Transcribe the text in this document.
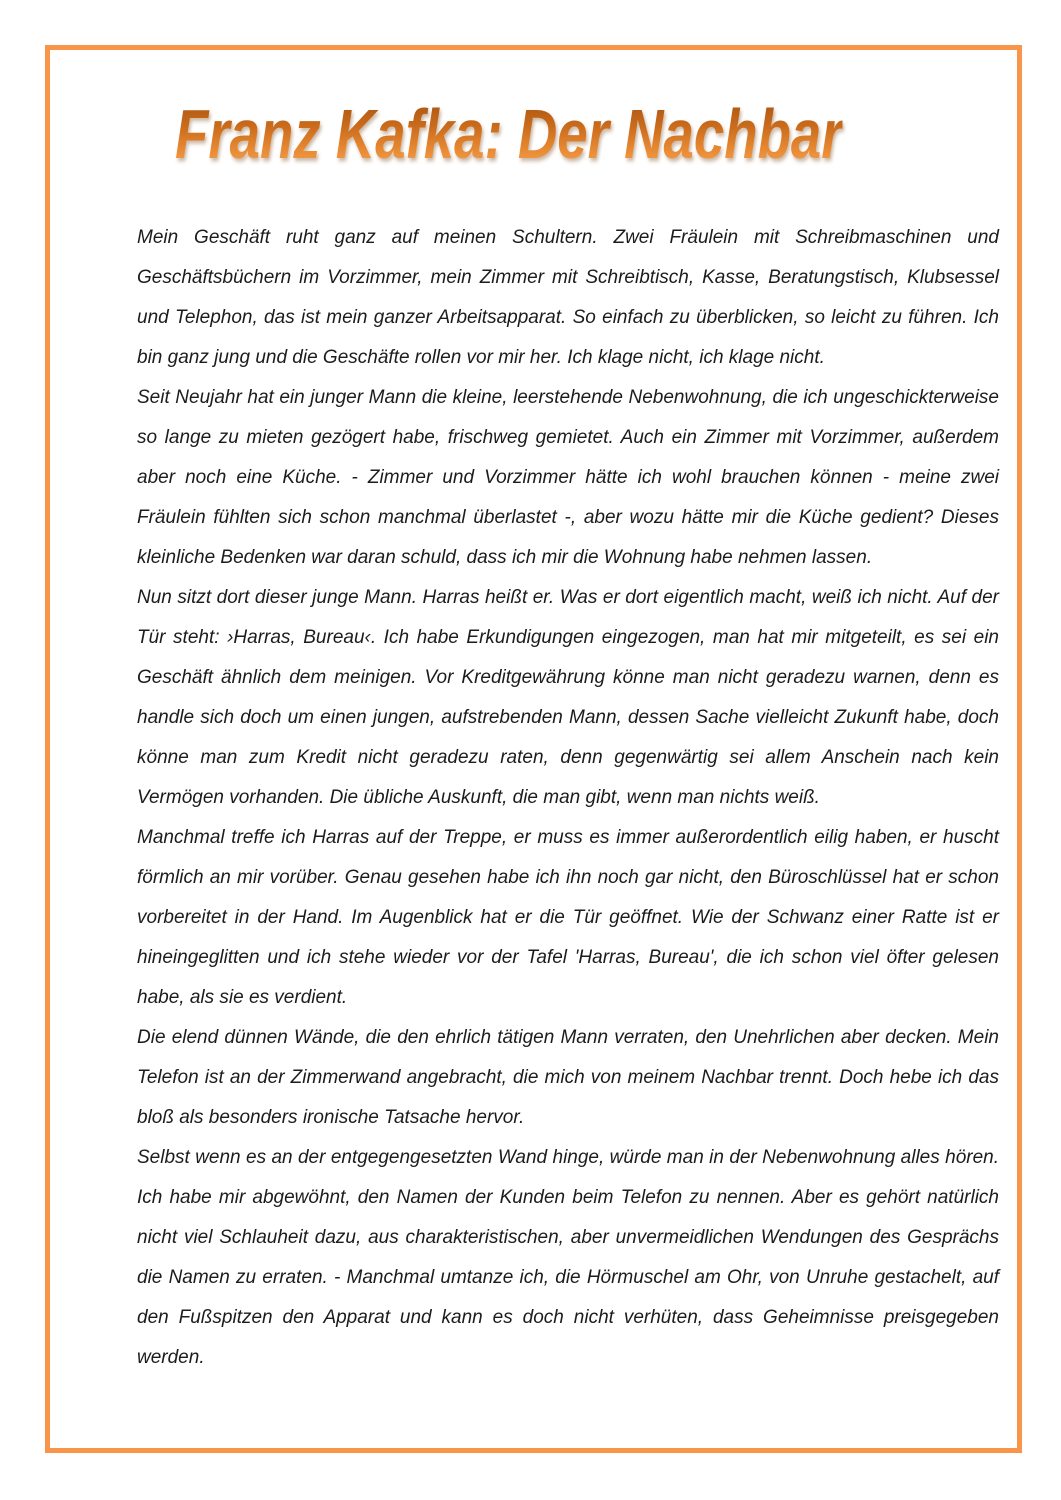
Franz Kafka: Der Nachbar

Mein Geschäft ruht ganz auf meinen Schultern. Zwei Fräulein mit Schreibmaschinen und Geschäftsbüchern im Vorzimmer, mein Zimmer mit Schreibtisch, Kasse, Beratungstisch, Klubsessel und Telephon, das ist mein ganzer Arbeitsapparat. So einfach zu überblicken, so leicht zu führen. Ich bin ganz jung und die Geschäfte rollen vor mir her. Ich klage nicht, ich klage nicht.

Seit Neujahr hat ein junger Mann die kleine, leerstehende Nebenwohnung, die ich ungeschickterweise so lange zu mieten gezögert habe, frischweg gemietet. Auch ein Zimmer mit Vorzimmer, außerdem aber noch eine Küche. - Zimmer und Vorzimmer hätte ich wohl brauchen können - meine zwei Fräulein fühlten sich schon manchmal überlastet -, aber wozu hätte mir die Küche gedient? Dieses kleinliche Bedenken war daran schuld, dass ich mir die Wohnung habe nehmen lassen.

Nun sitzt dort dieser junge Mann. Harras heißt er. Was er dort eigentlich macht, weiß ich nicht. Auf der Tür steht: ›Harras, Bureau‹. Ich habe Erkundigungen eingezogen, man hat mir mitgeteilt, es sei ein Geschäft ähnlich dem meinigen. Vor Kreditgewährung könne man nicht geradezu warnen, denn es handle sich doch um einen jungen, aufstrebenden Mann, dessen Sache vielleicht Zukunft habe, doch könne man zum Kredit nicht geradezu raten, denn gegenwärtig sei allem Anschein nach kein Vermögen vorhanden. Die übliche Auskunft, die man gibt, wenn man nichts weiß.

Manchmal treffe ich Harras auf der Treppe, er muss es immer außerordentlich eilig haben, er huscht förmlich an mir vorüber. Genau gesehen habe ich ihn noch gar nicht, den Büroschlüssel hat er schon vorbereitet in der Hand. Im Augenblick hat er die Tür geöffnet. Wie der Schwanz einer Ratte ist er hineingeglitten und ich stehe wieder vor der Tafel 'Harras, Bureau', die ich schon viel öfter gelesen habe, als sie es verdient.

Die elend dünnen Wände, die den ehrlich tätigen Mann verraten, den Unehrlichen aber decken. Mein Telefon ist an der Zimmerwand angebracht, die mich von meinem Nachbar trennt. Doch hebe ich das bloß als besonders ironische Tatsache hervor.

Selbst wenn es an der entgegengesetzten Wand hinge, würde man in der Nebenwohnung alles hören. Ich habe mir abgewöhnt, den Namen der Kunden beim Telefon zu nennen. Aber es gehört natürlich nicht viel Schlauheit dazu, aus charakteristischen, aber unvermeidlichen Wendungen des Gesprächs die Namen zu erraten. - Manchmal umtanze ich, die Hörmuschel am Ohr, von Unruhe gestachelt, auf den Fußspitzen den Apparat und kann es doch nicht verhüten, dass Geheimnisse preisgegeben werden.
